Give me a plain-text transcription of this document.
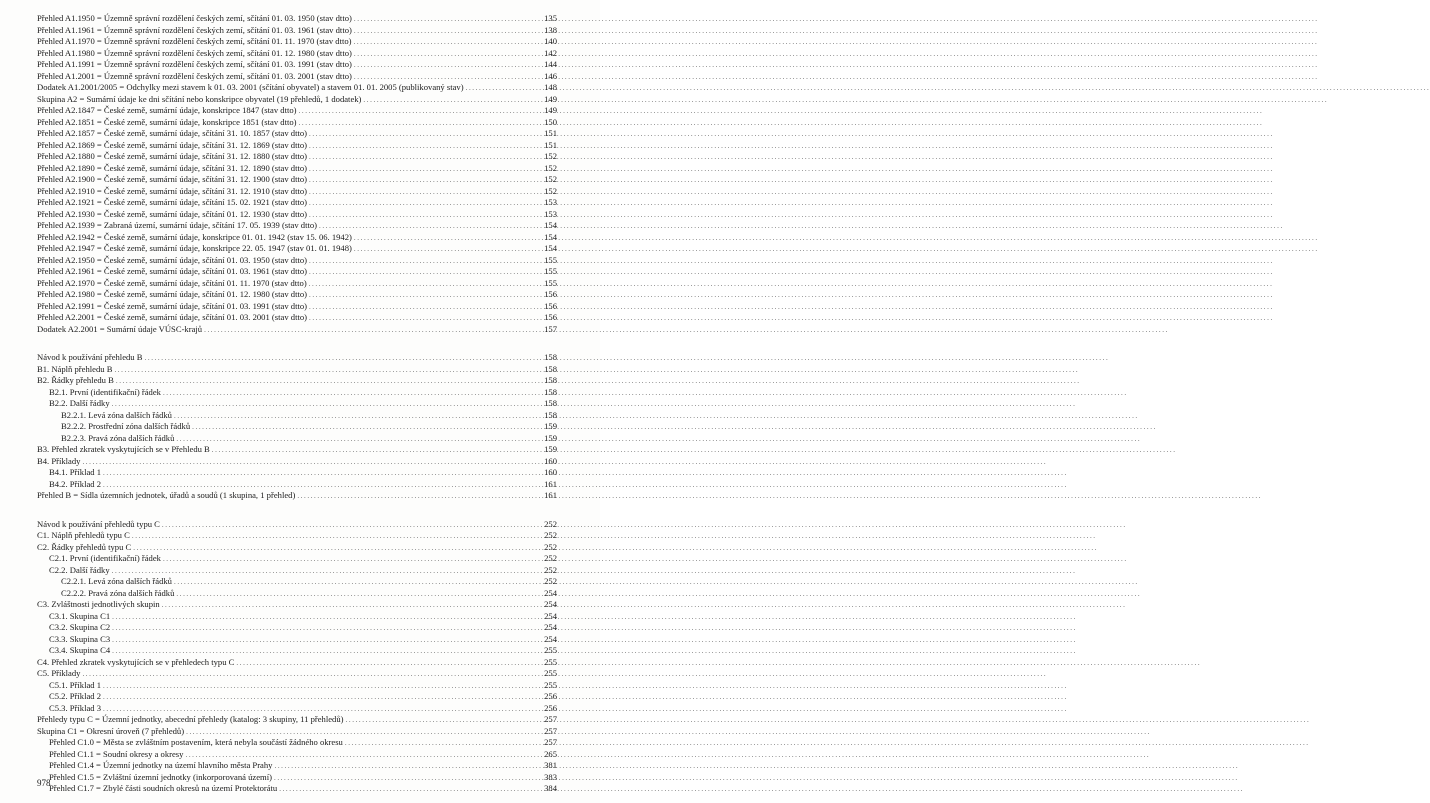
Přehled A1.1950 = Územně správní rozdělení českých zemí, sčítání 01. 03. 1950 (stav dtto) .....	135
Přehled A1.1961 = Územně správní rozdělení českých zemí, sčítání 01. 03. 1961 (stav dtto) .....	138
Přehled A1.1970 = Územně správní rozdělení českých zemí, sčítání 01. 11. 1970 (stav dtto) .....	140
Přehled A1.1980 = Územně správní rozdělení českých zemí, sčítání 01. 12. 1980 (stav dtto) .....	142
Přehled A1.1991 = Územně správní rozdělení českých zemí, sčítání 01. 03. 1991 (stav dtto) .....	144
Přehled A1.2001 = Územně správní rozdělení českých zemí, sčítání 01. 03. 2001 (stav dtto) .....	146
Dodatek A1.2001/2005 = Odchylky mezi stavem k 01. 03. 2001 (sčítání obyvatel) a stavem 01. 01. 2005 (publikovaný stav) .....	148
Skupina A2 = Sumární údaje ke dni sčítání nebo konskripce obyvatel (19 přehledů, 1 dodatek) .....	149
Přehled A2.1847 = České země, sumární údaje, konskripce 1847 (stav dtto) .....	149
Přehled A2.1851 = České země, sumární údaje, konskripce 1851 (stav dtto) .....	150
Přehled A2.1857 = České země, sumární údaje, sčítání 31. 10. 1857 (stav dtto) .....	151
Přehled A2.1869 = České země, sumární údaje, sčítání 31. 12. 1869 (stav dtto) .....	151
Přehled A2.1880 = České země, sumární údaje, sčítání 31. 12. 1880 (stav dtto) .....	152
Přehled A2.1890 = České země, sumární údaje, sčítání 31. 12. 1890 (stav dtto) .....	152
Přehled A2.1900 = České země, sumární údaje, sčítání 31. 12. 1900 (stav dtto) .....	152
Přehled A2.1910 = České země, sumární údaje, sčítání 31. 12. 1910 (stav dtto) .....	152
Přehled A2.1921 = České země, sumární údaje, sčítání 15. 02. 1921 (stav dtto) .....	153
Přehled A2.1930 = České země, sumární údaje, sčítání 01. 12. 1930 (stav dtto) .....	153
Přehled A2.1939 = Zabraná území, sumární údaje, sčítání 17. 05. 1939 (stav dtto) .....	154
Přehled A2.1942 = České země, sumární údaje, konskripce 01. 01. 1942 (stav 15. 06. 1942) .....	154
Přehled A2.1947 = České země, sumární údaje, konskripce 22. 05. 1947 (stav 01. 01. 1948) .....	154
Přehled A2.1950 = České země, sumární údaje, sčítání 01. 03. 1950 (stav dtto) .....	155
Přehled A2.1961 = České země, sumární údaje, sčítání 01. 03. 1961 (stav dtto) .....	155
Přehled A2.1970 = České země, sumární údaje, sčítání 01. 11. 1970 (stav dtto) .....	155
Přehled A2.1980 = České země, sumární údaje, sčítání 01. 12. 1980 (stav dtto) .....	156
Přehled A2.1991 = České země, sumární údaje, sčítání 01. 03. 1991 (stav dtto) .....	156
Přehled A2.2001 = České země, sumární údaje, sčítání 01. 03. 2001 (stav dtto) .....	156
Dodatek A2.2001 = Sumární údaje VÚSC-krajů .....	157
Návod k používání přehledu B .....	158
B1. Náplň přehledu B .....	158
B2. Řádky přehledu B .....	158
B2.1. První (identifikační) řádek .....	158
B2.2. Další řádky .....	158
B2.2.1. Levá zóna dalších řádků .....	158
B2.2.2. Prostřední zóna dalších řádků .....	159
B2.2.3. Pravá zóna dalších řádků .....	159
B3. Přehled zkratek vyskytujících se v Přehledu B .....	159
B4. Příklady .....	160
B4.1. Příklad 1 .....	160
B4.2. Příklad 2 .....	161
Přehled B = Sídla územních jednotek, úřadů a soudů (1 skupina, 1 přehled) .....	161
Návod k používání přehledů typu C .....	252
C1. Náplň přehledů typu C .....	252
C2. Řádky přehledů typu C .....	252
C2.1. První (identifikační) řádek .....	252
C2.2. Další řádky .....	252
C2.2.1. Levá zóna dalších řádků .....	252
C2.2.2. Pravá zóna dalších řádků .....	254
C3. Zvláštnosti jednotlivých skupin .....	254
C3.1. Skupina C1 .....	254
C3.2. Skupina C2 .....	254
C3.3. Skupina C3 .....	254
C3.4. Skupina C4 .....	255
C4. Přehled zkratek vyskytujících se v přehledech typu C .....	255
C5. Příklady .....	255
C5.1. Příklad 1 .....	255
C5.2. Příklad 2 .....	256
C5.3. Příklad 3 .....	256
Přehledy typu C = Územní jednotky, abecední přehledy (katalog: 3 skupiny, 11 přehledů) .....	257
Skupina C1 = Okresní úroveň (7 přehledů) .....	257
Přehled C1.0 = Města se zvláštním postavením, která nebyla součástí žádného okresu .....	257
Přehled C1.1 = Soudní okresy a okresy .....	265
Přehled C1.4 = Územní jednotky na území hlavního města Prahy .....	381
Přehled C1.5 = Zvláštní územní jednotky (inkorporovaná území) .....	383
Přehled C1.7 = Zbylé části soudních okresů na území Protektorátu .....	384
978
